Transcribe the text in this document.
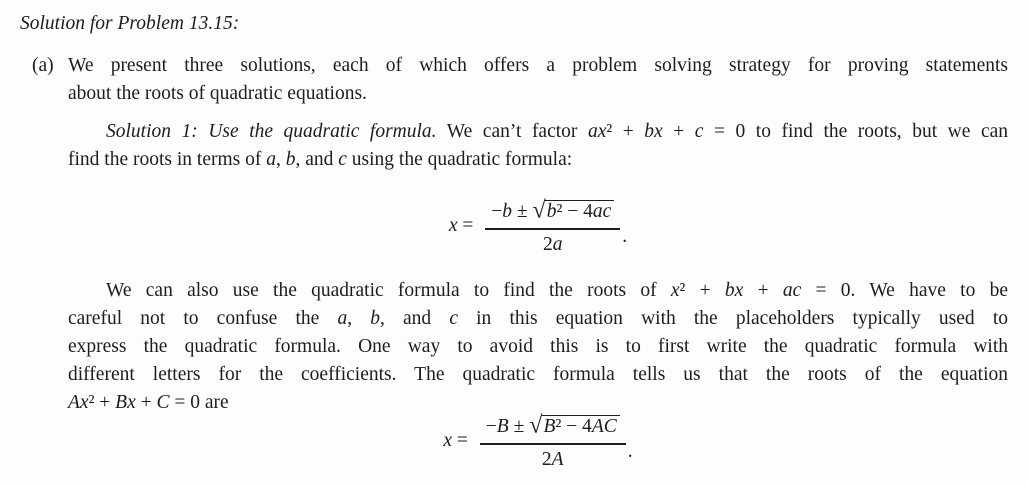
Solution for Problem 13.15:
(a) We present three solutions, each of which offers a problem solving strategy for proving statements
about the roots of quadratic equations.
Solution 1: Use the quadratic formula. We can’t factor ax² + bx + c = 0 to find the roots, but we can
find the roots in terms of a, b, and c using the quadratic formula:
$x = \frac{\text{−b ± √b² − 4ac}}{2a}$ .
We can also use the quadratic formula to find the roots of x² + bx + ac = 0. We have to be
careful not to confuse the a, b, and c in this equation with the placeholders typically used to
express the quadratic formula. One way to avoid this is to first write the quadratic formula with
different letters for the coefficients. The quadratic formula tells us that the roots of the equation
Ax² + Bx + C = 0 are
$x = \frac{\text{−B ± √B² − 4AC}}{2A}$ .
